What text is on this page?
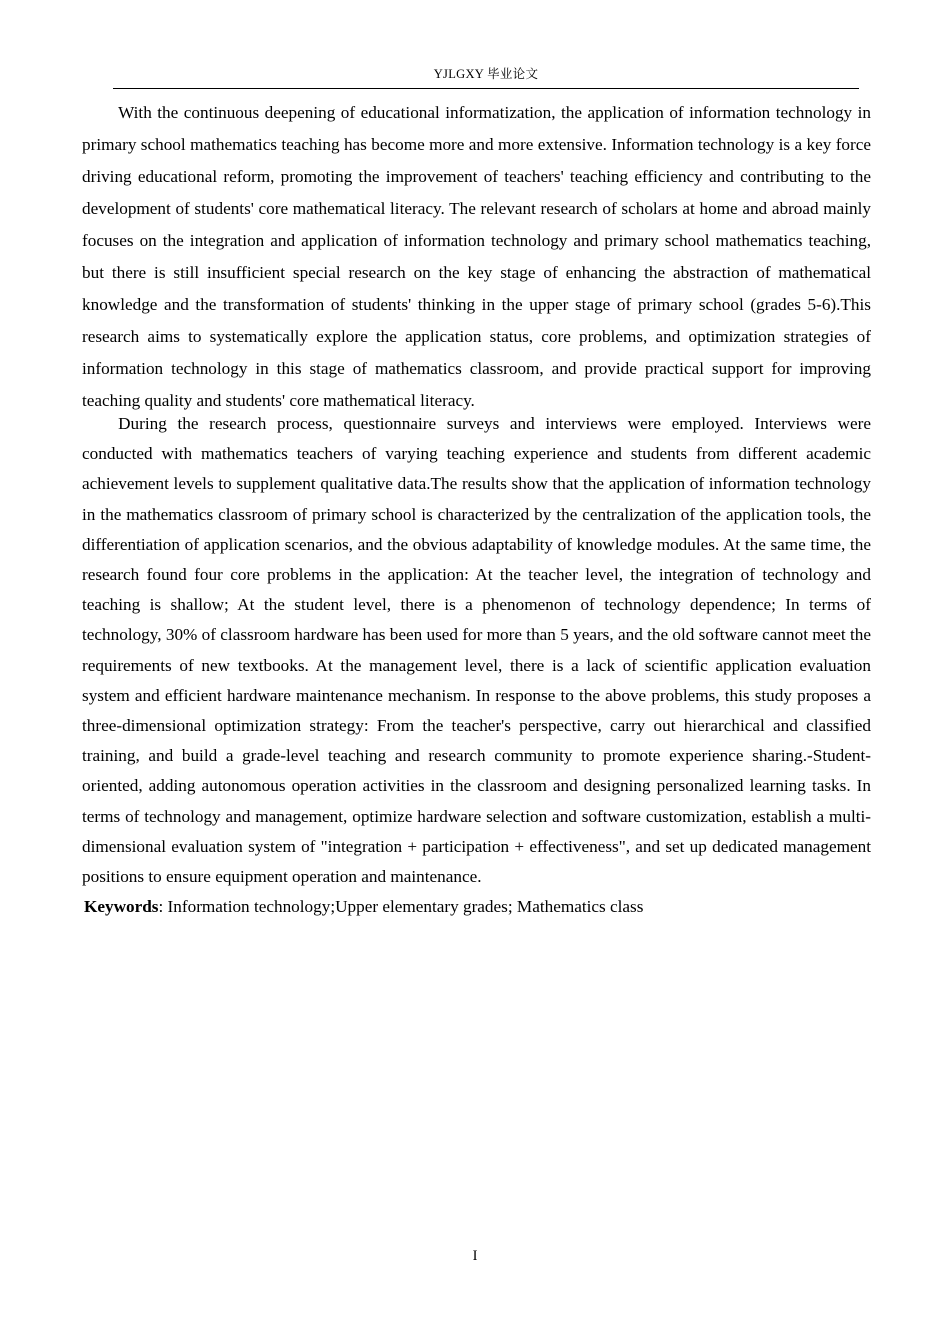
YJLGXY 毕业论文

With the continuous deepening of educational informatization, the application of information technology in primary school mathematics teaching has become more and more extensive. Information technology is a key force driving educational reform, promoting the improvement of teachers' teaching efficiency and contributing to the development of students' core mathematical literacy. The relevant research of scholars at home and abroad mainly focuses on the integration and application of information technology and primary school mathematics teaching, but there is still insufficient special research on the key stage of enhancing the abstraction of mathematical knowledge and the transformation of students' thinking in the upper stage of primary school (grades 5-6).This research aims to systematically explore the application status, core problems, and optimization strategies of information technology in this stage of mathematics classroom, and provide practical support for improving teaching quality and students' core mathematical literacy.

During the research process, questionnaire surveys and interviews were employed. Interviews were conducted with mathematics teachers of varying teaching experience and students from different academic achievement levels to supplement qualitative data.The results show that the application of information technology in the mathematics classroom of primary school is characterized by the centralization of the application tools, the differentiation of application scenarios, and the obvious adaptability of knowledge modules. At the same time, the research found four core problems in the application: At the teacher level, the integration of technology and teaching is shallow; At the student level, there is a phenomenon of technology dependence; In terms of technology, 30% of classroom hardware has been used for more than 5 years, and the old software cannot meet the requirements of new textbooks. At the management level, there is a lack of scientific application evaluation system and efficient hardware maintenance mechanism. In response to the above problems, this study proposes a three-dimensional optimization strategy: From the teacher's perspective, carry out hierarchical and classified training, and build a grade-level teaching and research community to promote experience sharing.-Student-oriented, adding autonomous operation activities in the classroom and designing personalized learning tasks. In terms of technology and management, optimize hardware selection and software customization, establish a multi-dimensional evaluation system of "integration + participation + effectiveness", and set up dedicated management positions to ensure equipment operation and maintenance.

Keywords: Information technology;Upper elementary grades; Mathematics class

I
